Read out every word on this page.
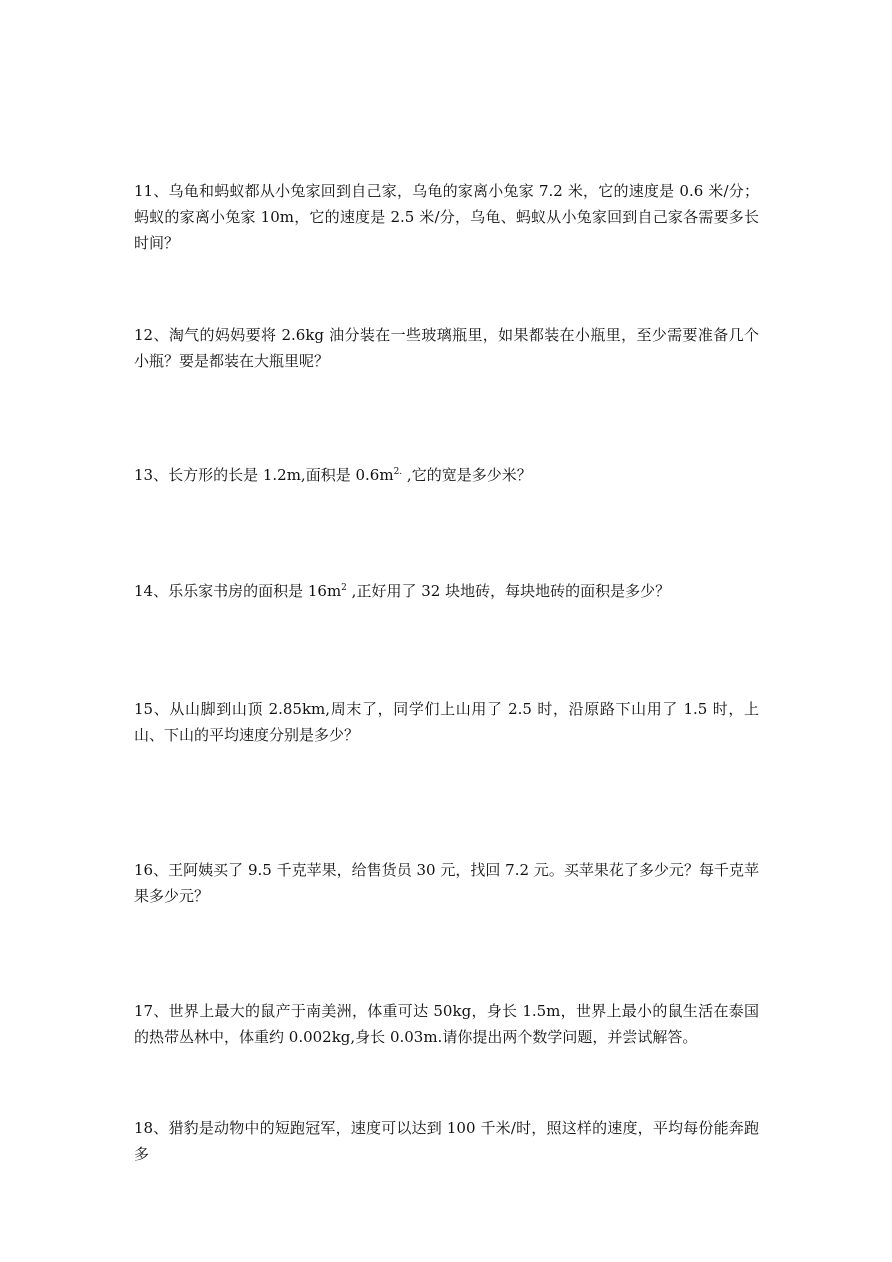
11、乌龟和蚂蚁都从小兔家回到自己家，乌龟的家离小兔家 7.2 米，它的速度是 0.6 米/分；蚂蚁的家离小兔家 10m，它的速度是 2.5 米/分，乌龟、蚂蚁从小兔家回到自己家各需要多长时间？

12、淘气的妈妈要将 2.6kg 油分装在一些玻璃瓶里，如果都装在小瓶里，至少需要准备几个小瓶？要是都装在大瓶里呢？

13、长方形的长是 1.2m,面积是 $0.6m^{2.}$ ,它的宽是多少米？

14、乐乐家书房的面积是 $16m^2$ ,正好用了 32 块地砖，每块地砖的面积是多少？

15、从山脚到山顶 2.85km,周末了，同学们上山用了 2.5 时，沿原路下山用了 1.5 时，上山、下山的平均速度分别是多少？

16、王阿姨买了 9.5 千克苹果，给售货员 30 元，找回 7.2 元。买苹果花了多少元？每千克苹果多少元？

17、世界上最大的鼠产于南美洲，体重可达 50kg，身长 1.5m，世界上最小的鼠生活在泰国的热带丛林中，体重约 0.002kg,身长 0.03m.请你提出两个数学问题，并尝试解答。

18、猎豹是动物中的短跑冠军，速度可以达到 100 千米/时，照这样的速度，平均每份能奔跑多
